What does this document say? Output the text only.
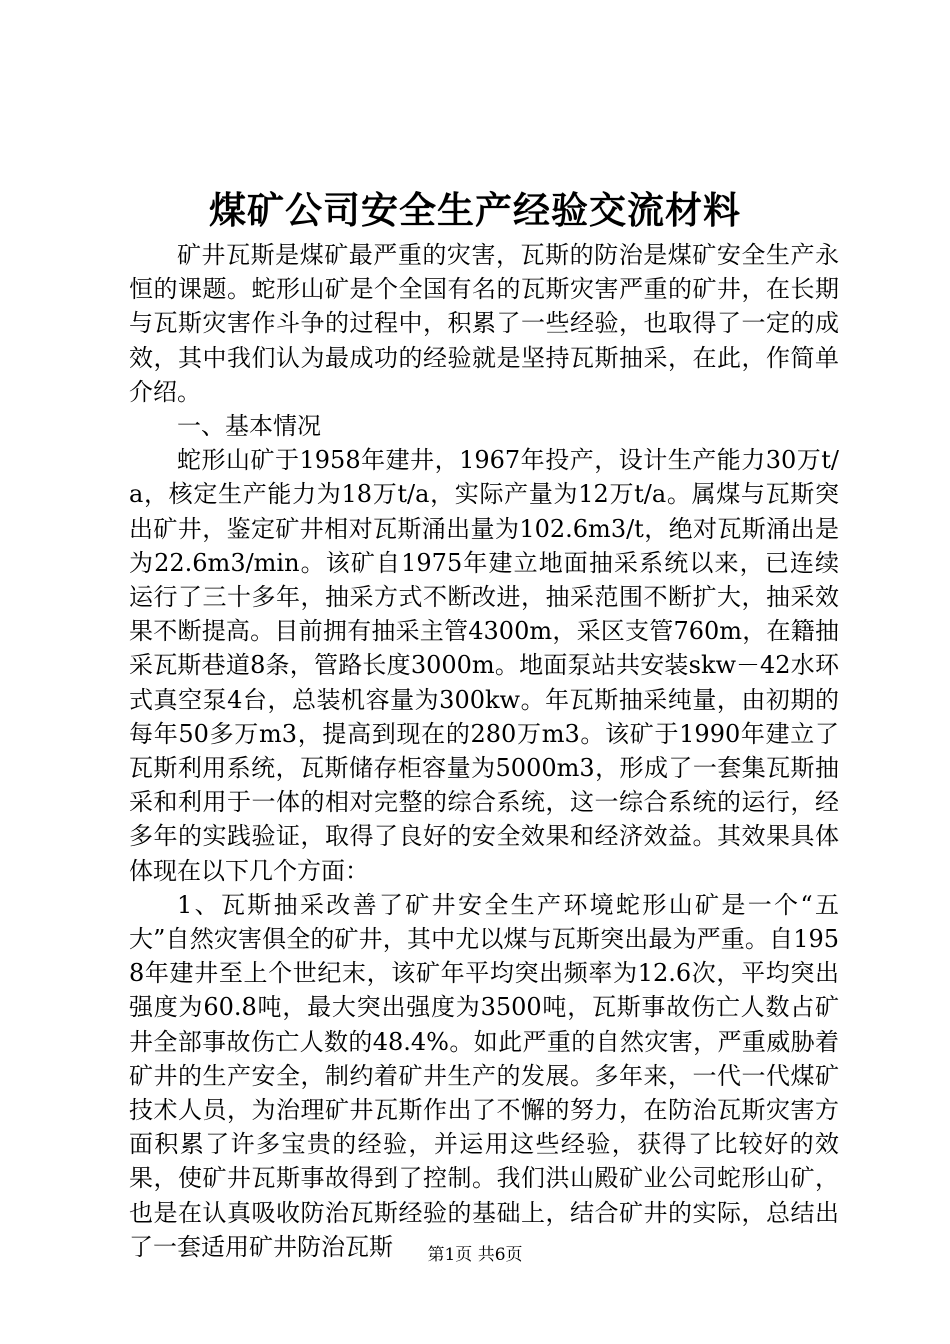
煤矿公司安全生产经验交流材料

矿井瓦斯是煤矿最严重的灾害，瓦斯的防治是煤矿安全生产永恒的课题。蛇形山矿是个全国有名的瓦斯灾害严重的矿井，在长期与瓦斯灾害作斗争的过程中，积累了一些经验，也取得了一定的成效，其中我们认为最成功的经验就是坚持瓦斯抽采，在此，作简单介绍。

一、基本情况

蛇形山矿于1958年建井，1967年投产，设计生产能力30万t/a，核定生产能力为18万t/a，实际产量为12万t/a。属煤与瓦斯突出矿井，鉴定矿井相对瓦斯涌出量为102.6m3/t，绝对瓦斯涌出是为22.6m3/min。该矿自1975年建立地面抽采系统以来，已连续运行了三十多年，抽采方式不断改进，抽采范围不断扩大，抽采效果不断提高。目前拥有抽采主管4300m，采区支管760m，在籍抽采瓦斯巷道8条，管路长度3000m。地面泵站共安装skw－42水环式真空泵4台，总装机容量为300kw。年瓦斯抽采纯量，由初期的每年50多万m3，提高到现在的280万m3。该矿于1990年建立了瓦斯利用系统，瓦斯储存柜容量为5000m3，形成了一套集瓦斯抽采和利用于一体的相对完整的综合系统，这一综合系统的运行，经多年的实践验证，取得了良好的安全效果和经济效益。其效果具体体现在以下几个方面：

1、瓦斯抽采改善了矿井安全生产环境蛇形山矿是一个“五大”自然灾害俱全的矿井，其中尤以煤与瓦斯突出最为严重。自1958年建井至上个世纪末，该矿年平均突出频率为12.6次，平均突出强度为60.8吨，最大突出强度为3500吨，瓦斯事故伤亡人数占矿井全部事故伤亡人数的48.4%。如此严重的自然灾害，严重威胁着矿井的生产安全，制约着矿井生产的发展。多年来，一代一代煤矿技术人员，为治理矿井瓦斯作出了不懈的努力，在防治瓦斯灾害方面积累了许多宝贵的经验，并运用这些经验，获得了比较好的效果，使矿井瓦斯事故得到了控制。我们洪山殿矿业公司蛇形山矿，也是在认真吸收防治瓦斯经验的基础上，结合矿井的实际，总结出了一套适用矿井防治瓦斯	第1页 共6页
